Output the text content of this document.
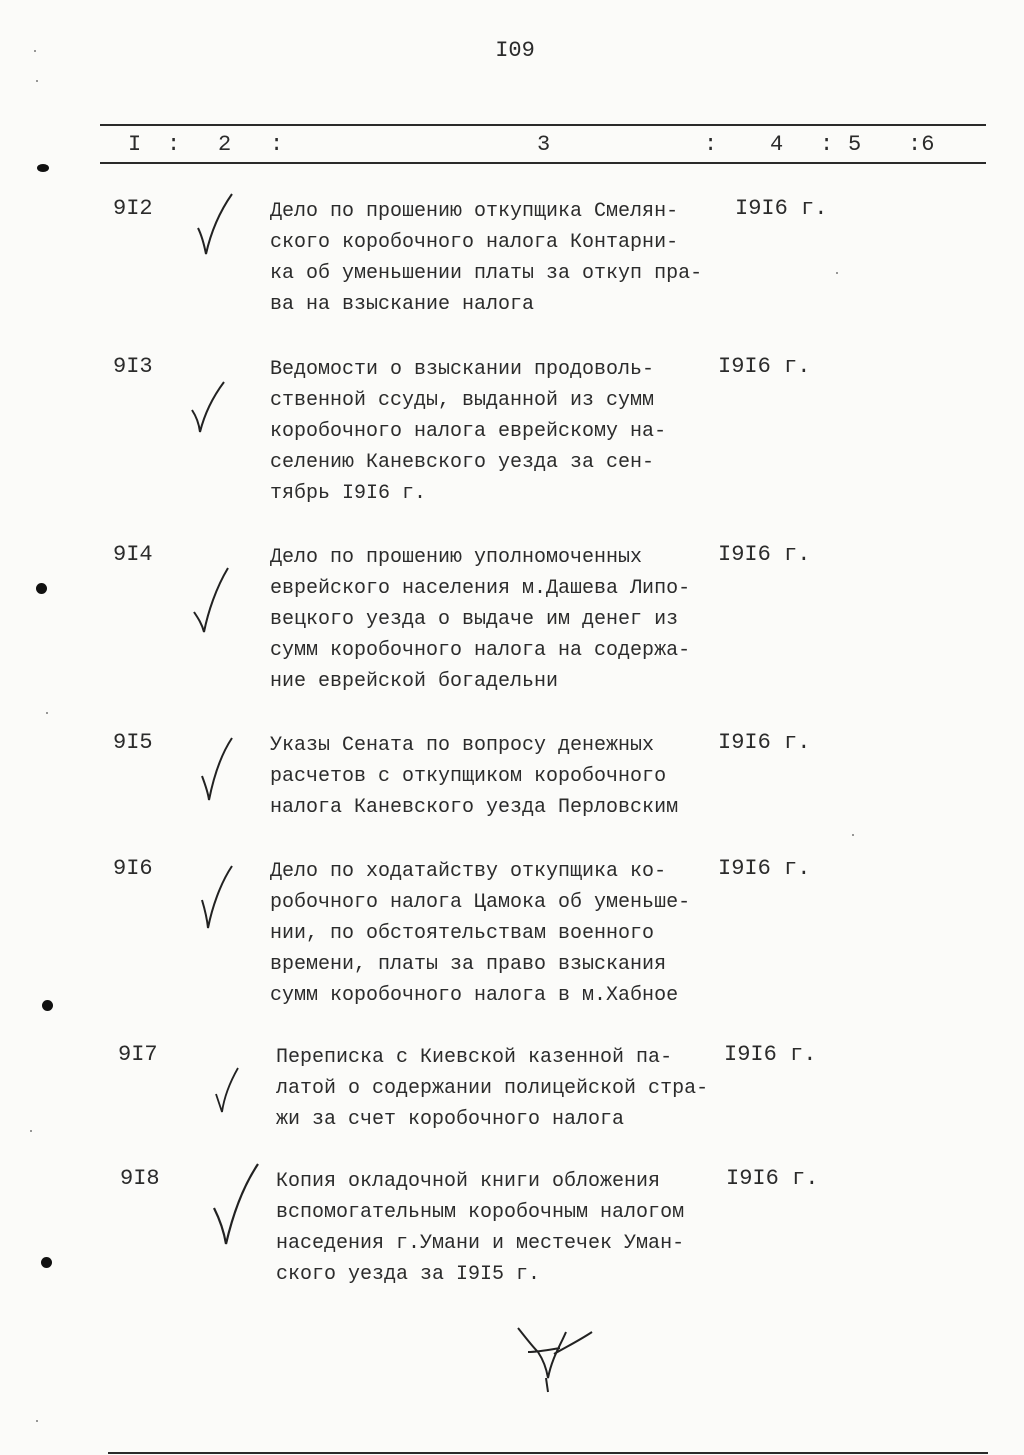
I09
I : 2 :	3	: 4 : 5 :6
9I2	Дело по прошению откупщика Смелян-
ского коробочного налога Контарни-
ка об уменьшении платы за откуп пра-
ва на взыскание налога
I9I6 г.
9I3	Ведомости о взыскании продоволь-
ственной ссуды, выданной из сумм
коробочного налога еврейскому на-
селению Каневского уезда за сен-
тябрь I9I6 г.
I9I6 г.
9I4	Дело по прошению уполномоченных
еврейского населения м.Дашева Липо-
вецкого уезда о выдаче им денег из
сумм коробочного налога на содержа-
ние еврейской богадельни
I9I6 г.
9I5	Указы Сената по вопросу денежных
расчетов с откупщиком коробочного
налога Каневского уезда Перловским
I9I6 г.
9I6	Дело по ходатайству откупщика ко-
робочного налога Цамока об уменьше-
нии, по обстоятельствам военного
времени, платы за право взыскания
сумм коробочного налога в м.Хабное
I9I6 г.
9I7	Переписка с Киевской казенной па-
латой о содержании полицейской стра-
жи за счет коробочного налога
I9I6 г.
9I8	Копия окладочной книги обложения
вспомогательным коробочным налогом
наседения г.Умани и местечек Уман-
ского уезда за I9I5 г.
I9I6 г.
